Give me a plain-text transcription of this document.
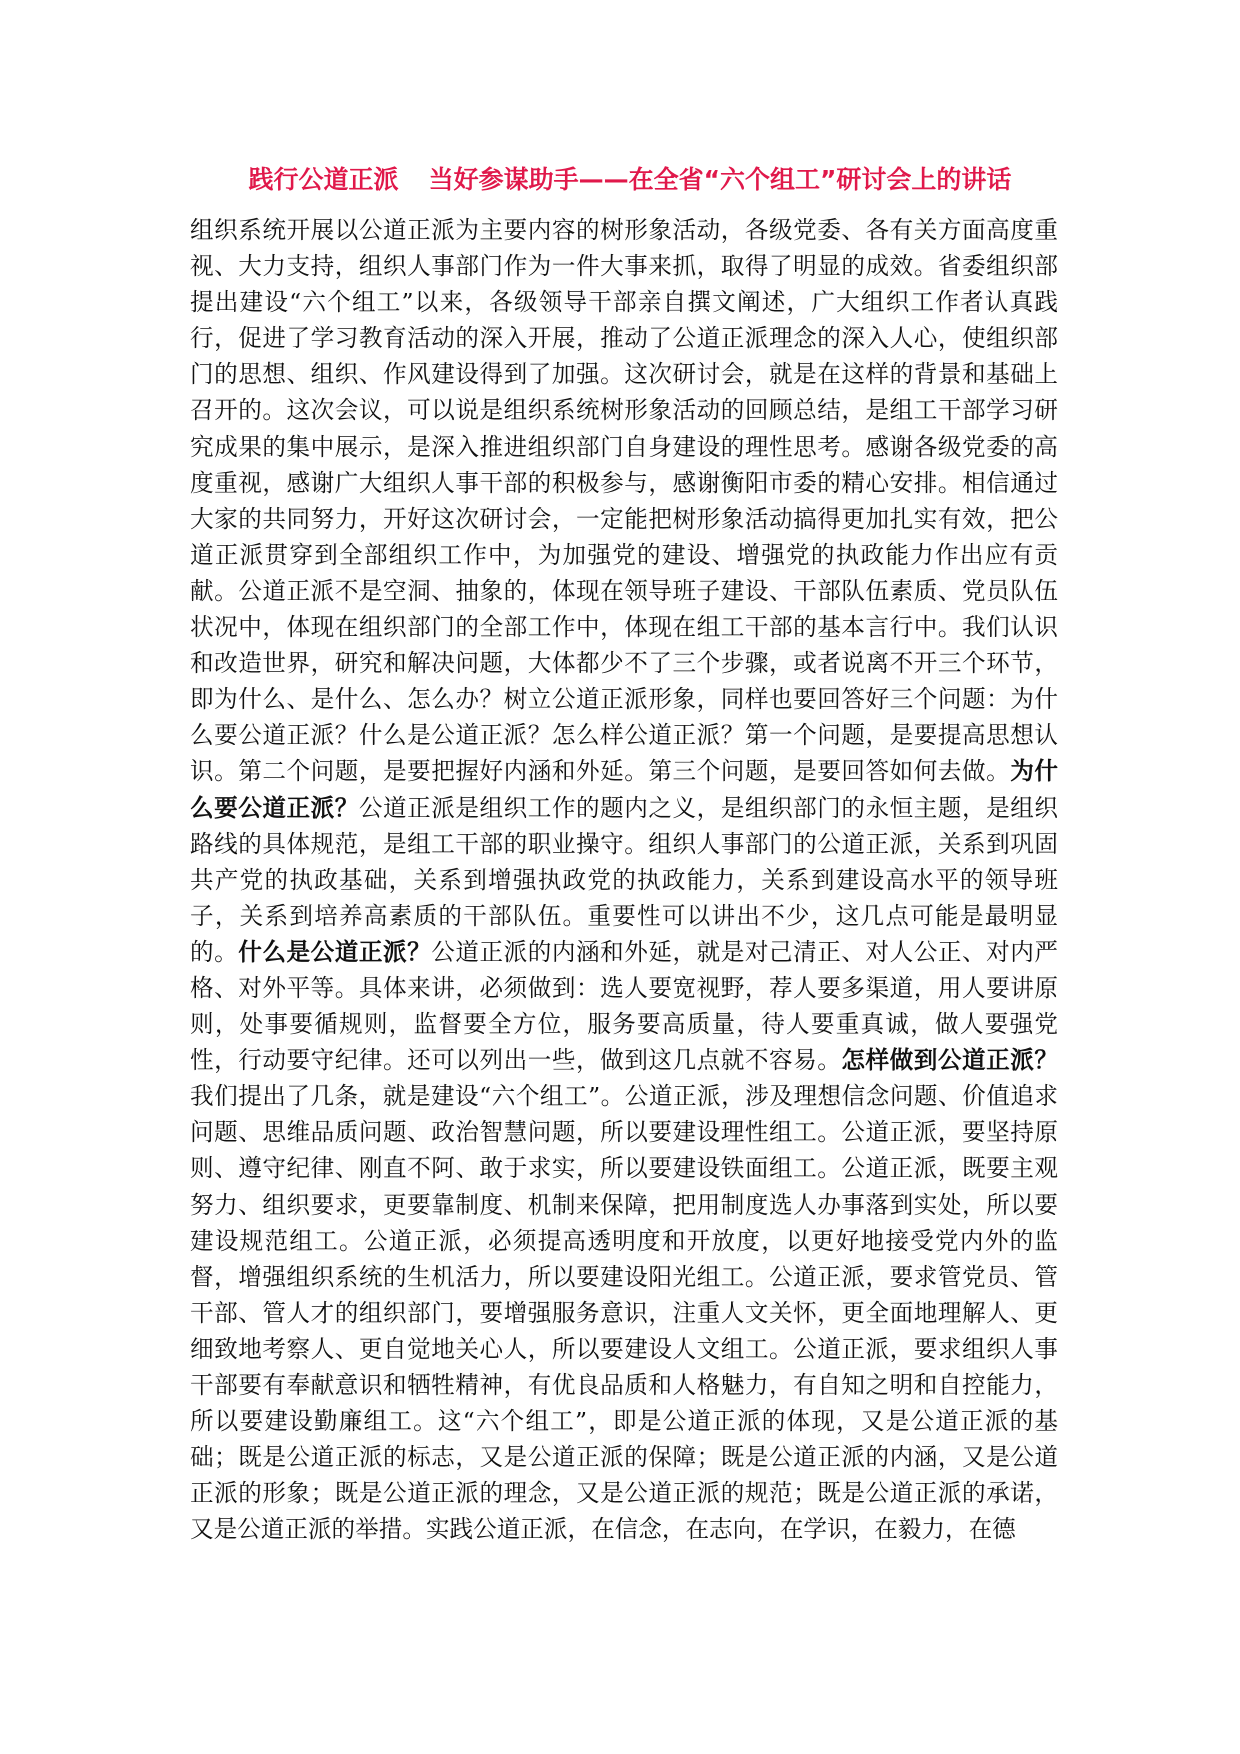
践行公道正派 当好参谋助手——在全省“六个组工”研讨会上的讲话

组织系统开展以公道正派为主要内容的树形象活动，各级党委、各有关方面高度重视、大力支持，组织人事部门作为一件大事来抓，取得了明显的成效。省委组织部提出建设“六个组工”以来，各级领导干部亲自撰文阐述，广大组织工作者认真践行，促进了学习教育活动的深入开展，推动了公道正派理念的深入人心，使组织部门的思想、组织、作风建设得到了加强。这次研讨会，就是在这样的背景和基础上召开的。这次会议，可以说是组织系统树形象活动的回顾总结，是组工干部学习研究成果的集中展示，是深入推进组织部门自身建设的理性思考。感谢各级党委的高度重视，感谢广大组织人事干部的积极参与，感谢衡阳市委的精心安排。相信通过大家的共同努力，开好这次研讨会，一定能把树形象活动搞得更加扎实有效，把公道正派贯穿到全部组织工作中，为加强党的建设、增强党的执政能力作出应有贡献。公道正派不是空洞、抽象的，体现在领导班子建设、干部队伍素质、党员队伍状况中，体现在组织部门的全部工作中，体现在组工干部的基本言行中。我们认识和改造世界，研究和解决问题，大体都少不了三个步骤，或者说离不开三个环节，即为什么、是什么、怎么办？树立公道正派形象，同样也要回答好三个问题：为什么要公道正派？什么是公道正派？怎么样公道正派？第一个问题，是要提高思想认识。第二个问题，是要把握好内涵和外延。第三个问题，是要回答如何去做。为什么要公道正派？公道正派是组织工作的题内之义，是组织部门的永恒主题，是组织路线的具体规范，是组工干部的职业操守。组织人事部门的公道正派，关系到巩固共产党的执政基础，关系到增强执政党的执政能力，关系到建设高水平的领导班子，关系到培养高素质的干部队伍。重要性可以讲出不少，这几点可能是最明显的。什么是公道正派？公道正派的内涵和外延，就是对己清正、对人公正、对内严格、对外平等。具体来讲，必须做到：选人要宽视野，荐人要多渠道，用人要讲原则，处事要循规则，监督要全方位，服务要高质量，待人要重真诚，做人要强党性，行动要守纪律。还可以列出一些，做到这几点就不容易。怎样做到公道正派？我们提出了几条，就是建设“六个组工”。公道正派，涉及理想信念问题、价值追求问题、思维品质问题、政治智慧问题，所以要建设理性组工。公道正派，要坚持原则、遵守纪律、刚直不阿、敢于求实，所以要建设铁面组工。公道正派，既要主观努力、组织要求，更要靠制度、机制来保障，把用制度选人办事落到实处，所以要建设规范组工。公道正派，必须提高透明度和开放度，以更好地接受党内外的监督，增强组织系统的生机活力，所以要建设阳光组工。公道正派，要求管党员、管干部、管人才的组织部门，要增强服务意识，注重人文关怀，更全面地理解人、更细致地考察人、更自觉地关心人，所以要建设人文组工。公道正派，要求组织人事干部要有奉献意识和牺牲精神，有优良品质和人格魅力，有自知之明和自控能力，所以要建设勤廉组工。这“六个组工”，即是公道正派的体现，又是公道正派的基础；既是公道正派的标志，又是公道正派的保障；既是公道正派的内涵，又是公道正派的形象；既是公道正派的理念，又是公道正派的规范；既是公道正派的承诺，又是公道正派的举措。实践公道正派，在信念，在志向，在学识，在毅力，在德
